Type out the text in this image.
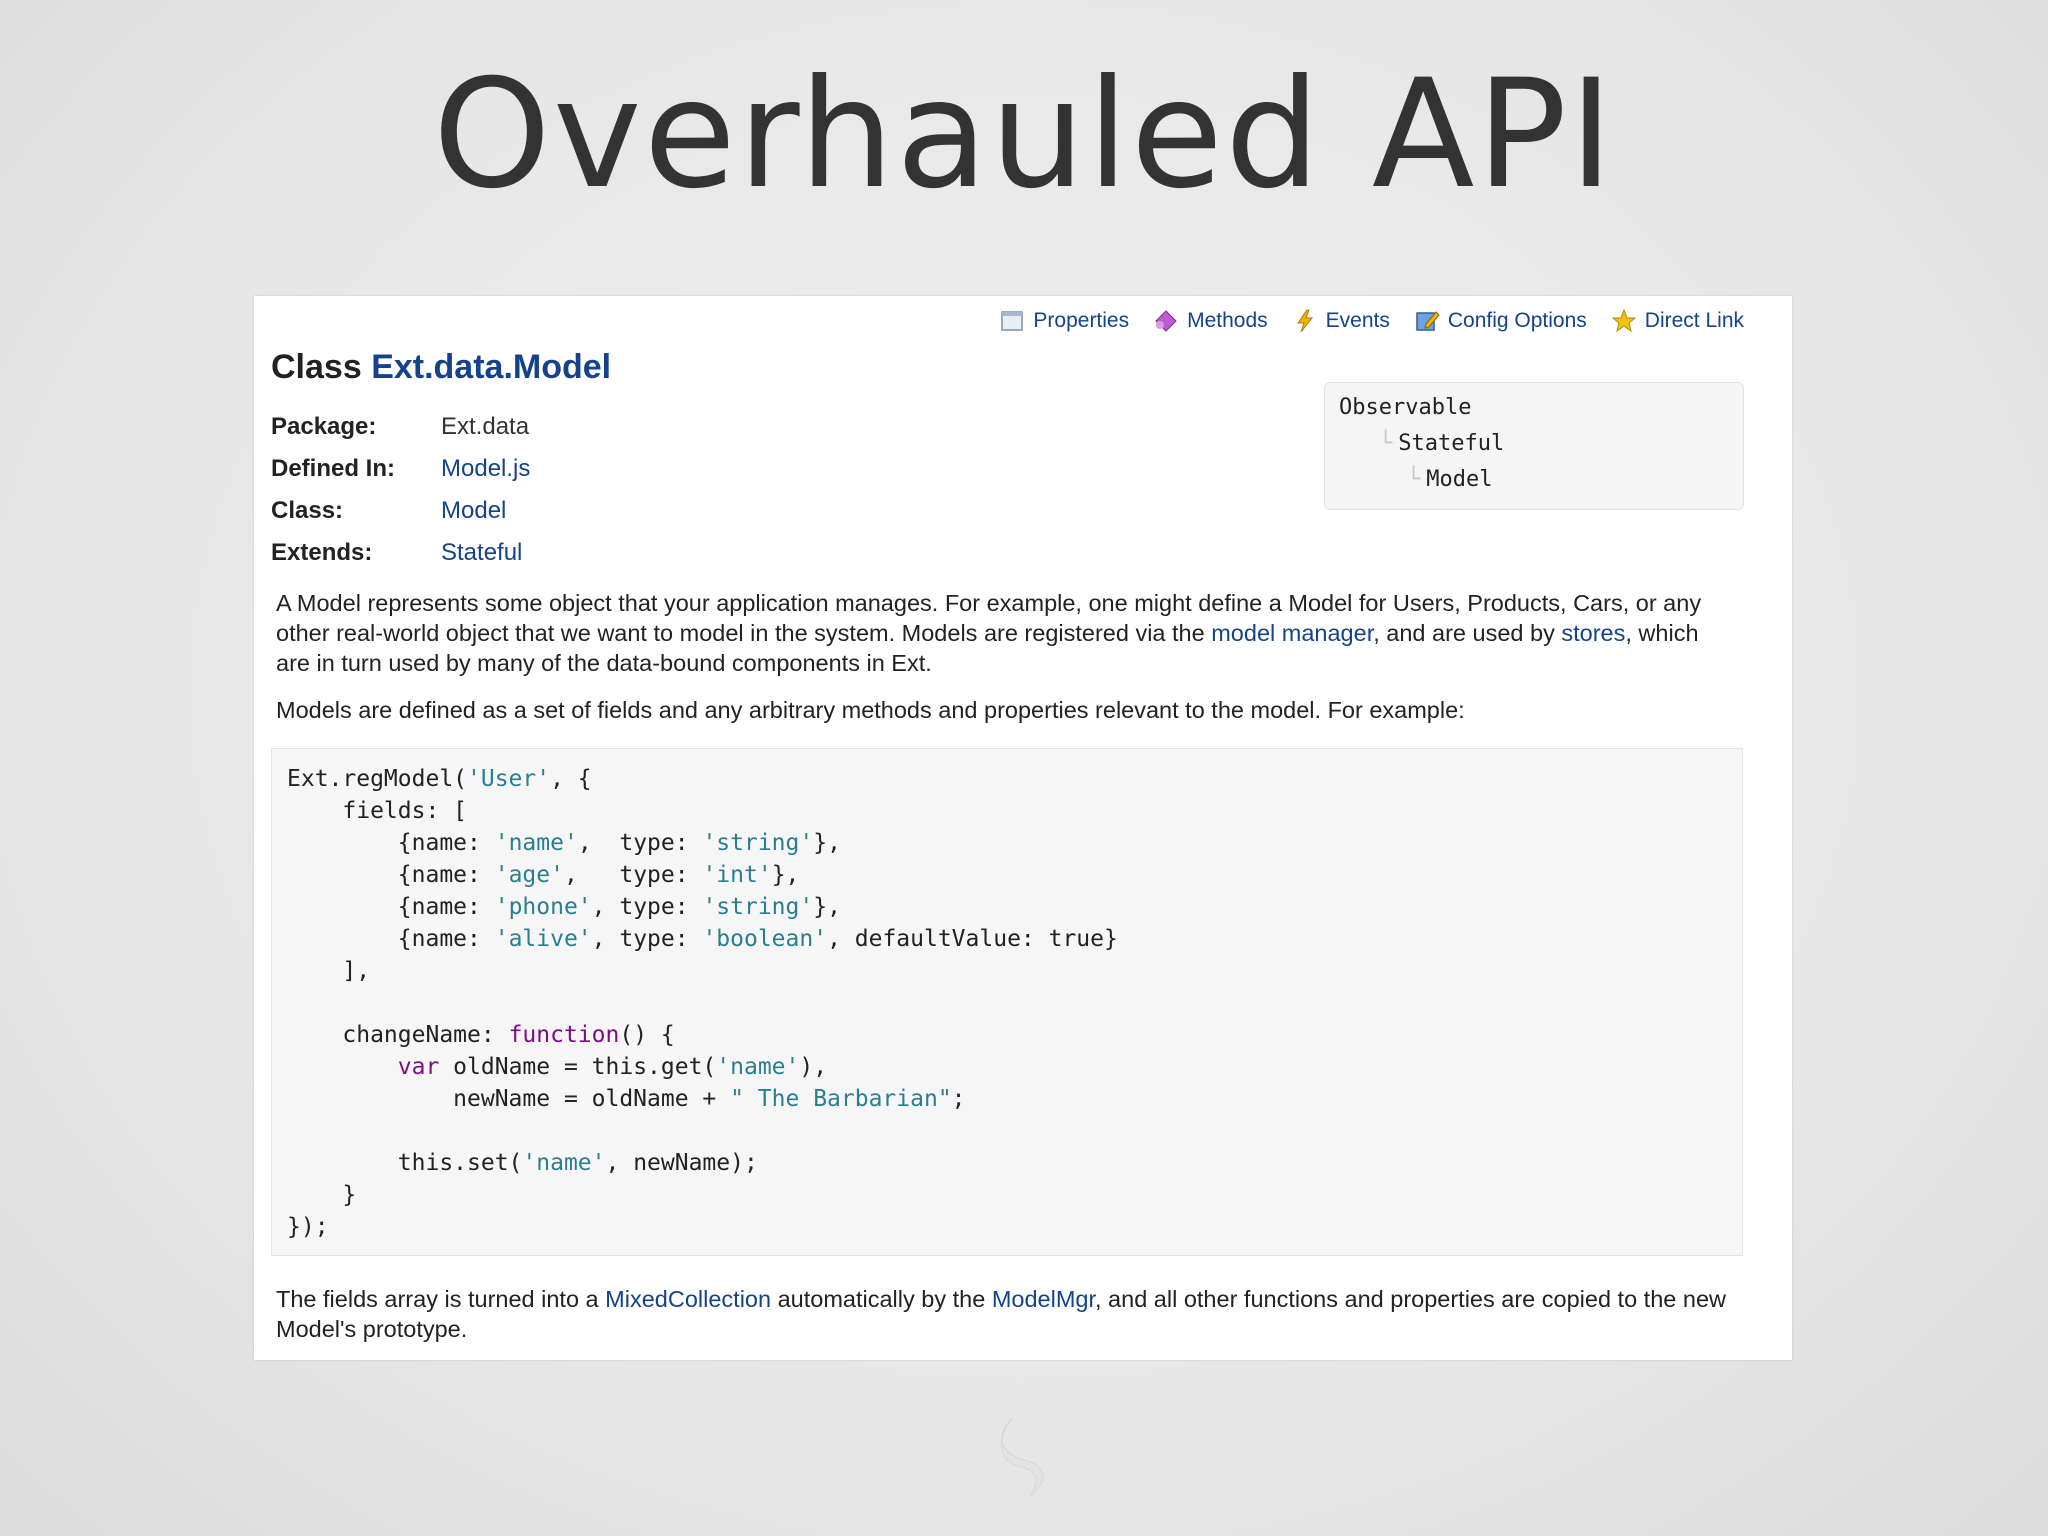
Overhauled API
Properties	Methods	Events	Config Options	Direct Link
Class Ext.data.Model
Package:	Ext.data
Defined In:	Model.js
Class:	Model
Extends:	Stateful
Observable
└ Stateful
└ Model
A Model represents some object that your application manages. For example, one might define a Model for Users, Products, Cars, or any other real-world object that we want to model in the system. Models are registered via the model manager, and are used by stores, which are in turn used by many of the data-bound components in Ext.
Models are defined as a set of fields and any arbitrary methods and properties relevant to the model. For example:
Ext.regModel('User', {
fields: [
{name: 'name',  type: 'string'},
{name: 'age',   type: 'int'},
{name: 'phone', type: 'string'},
{name: 'alive', type: 'boolean', defaultValue: true}
],

changeName: function() {
var oldName = this.get('name'),
newName = oldName + " The Barbarian";

this.set('name', newName);
}
});
The fields array is turned into a MixedCollection automatically by the ModelMgr, and all other functions and properties are copied to the new Model's prototype.
